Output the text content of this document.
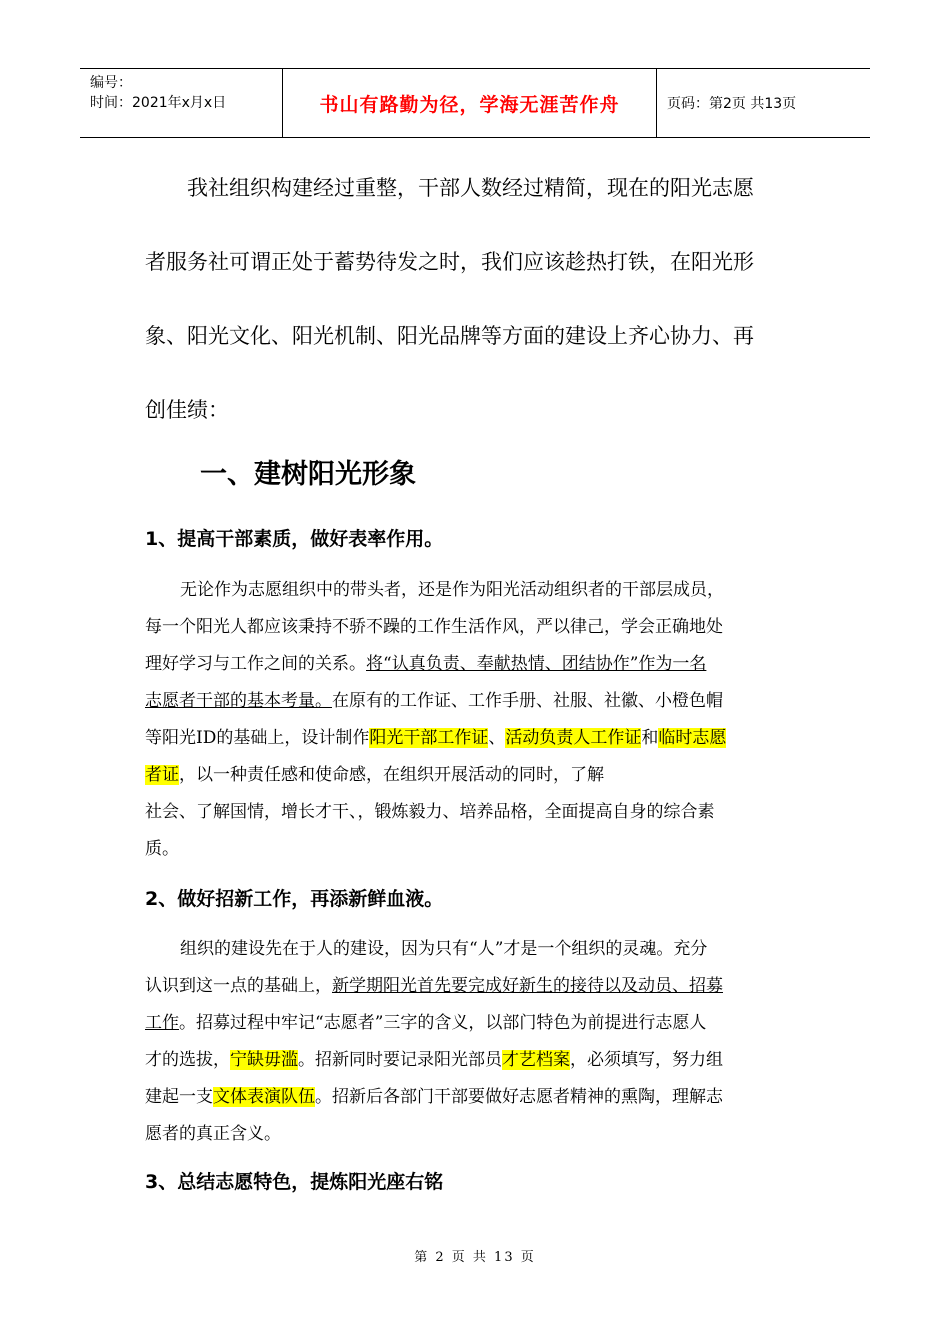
编号：
时间：2021年x月x日	书山有路勤为径，学海无涯苦作舟	页码：第2页 共13页
我社组织构建经过重整，干部人数经过精简，现在的阳光志愿
者服务社可谓正处于蓄势待发之时，我们应该趁热打铁，在阳光形
象、阳光文化、阳光机制、阳光品牌等方面的建设上齐心协力、再
创佳绩：
一、建树阳光形象
1、提高干部素质，做好表率作用。
无论作为志愿组织中的带头者，还是作为阳光活动组织者的干部层成员，
每一个阳光人都应该秉持不骄不躁的工作生活作风，严以律己，学会正确地处
理好学习与工作之间的关系。将“认真负责、奉献热情、团结协作”作为一名
志愿者干部的基本考量。在原有的工作证、工作手册、社服、社徽、小橙色帽
等阳光ID的基础上，设计制作阳光干部工作证、活动负责人工作证和临时志愿
者证，以一种责任感和使命感，在组织开展活动的同时，了解
社会、了解国情，增长才干、，锻炼毅力、培养品格，全面提高自身的综合素
质。
2、做好招新工作，再添新鲜血液。
组织的建设先在于人的建设，因为只有“人”才是一个组织的灵魂。充分
认识到这一点的基础上，新学期阳光首先要完成好新生的接待以及动员、招募
工作。招募过程中牢记“志愿者”三字的含义，以部门特色为前提进行志愿人
才的选拔，宁缺毋滥。招新同时要记录阳光部员才艺档案，必须填写，努力组
建起一支文体表演队伍。招新后各部门干部要做好志愿者精神的熏陶，理解志
愿者的真正含义。
3、总结志愿特色，提炼阳光座右铭
第 2 页 共 13 页
